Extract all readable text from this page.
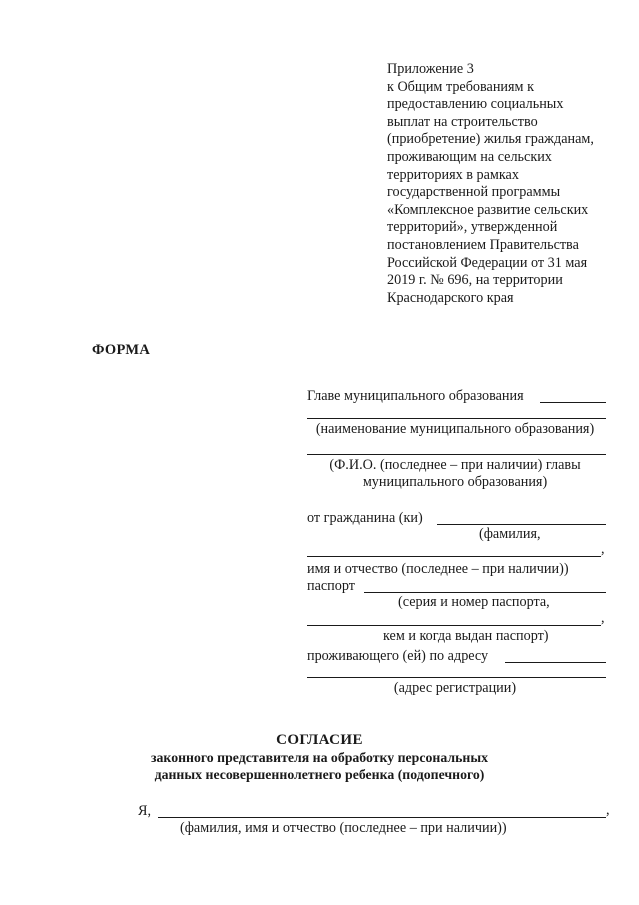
Приложение 3
к Общим требованиям к
предоставлению социальных
выплат на строительство
(приобретение) жилья гражданам,
проживающим на сельских
территориях в рамках
государственной программы
«Комплексное развитие сельских
территорий», утвержденной
постановлением Правительства
Российской Федерации от 31 мая
2019 г. № 696, на территории
Краснодарского края
ФОРМА
Главе муниципального образования
(наименование муниципального образования)
(Ф.И.О. (последнее – при наличии) главы
муниципального образования)
от гражданина (ки)
(фамилия,
,
имя и отчество (последнее – при наличии))
паспорт
(серия и номер паспорта,
,
кем и когда выдан паспорт)
проживающего (ей) по адресу
(адрес регистрации)
СОГЛАСИЕ
законного представителя на обработку персональных
данных несовершеннолетнего ребенка (подопечного)
Я,	,
(фамилия, имя и отчество (последнее – при наличии))
